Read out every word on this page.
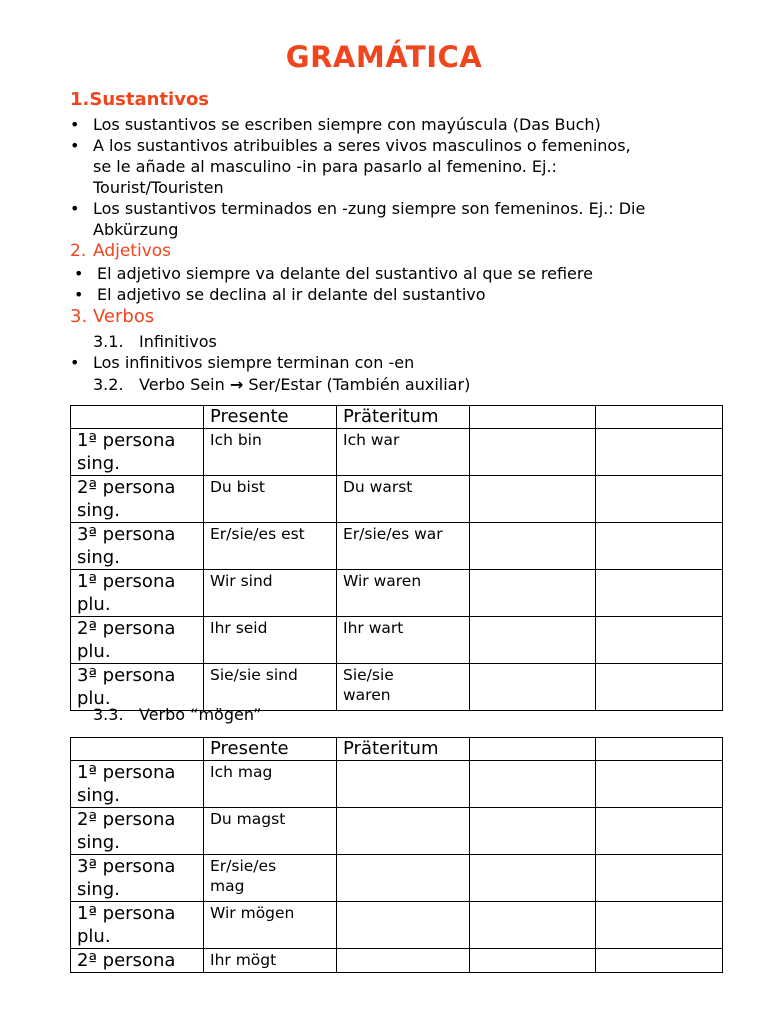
GRAMÁTICA
1.Sustantivos
• Los sustantivos se escriben siempre con mayúscula (Das Buch)
• A los sustantivos atribuibles a seres vivos masculinos o femeninos,
se le añade al masculino -in para pasarlo al femenino. Ej.:
Tourist/Touristen
• Los sustantivos terminados en -zung siempre son femeninos. Ej.: Die
Abkürzung
2. Adjetivos
• El adjetivo siempre va delante del sustantivo al que se refiere
• El adjetivo se declina al ir delante del sustantivo
3. Verbos
3.1. Infinitivos
• Los infinitivos siempre terminan con -en
3.2. Verbo Sein → Ser/Estar (También auxiliar)
	Presente	Präteritum		
1ª persona
sing.	Ich bin	Ich war		
2ª persona
sing.	Du bist	Du warst		
3ª persona
sing.	Er/sie/es est	Er/sie/es war		
1ª persona
plu.	Wir sind	Wir waren		
2ª persona
plu.	Ihr seid	Ihr wart		
3ª persona
plu.	Sie/sie sind	Sie/sie
waren		
3.3. Verbo “mögen”
	Presente	Präteritum		
1ª persona
sing.	Ich mag			
2ª persona
sing.	Du magst			
3ª persona
sing.	Er/sie/es
mag			
1ª persona
plu.	Wir mögen			
2ª persona	Ihr mögt			
